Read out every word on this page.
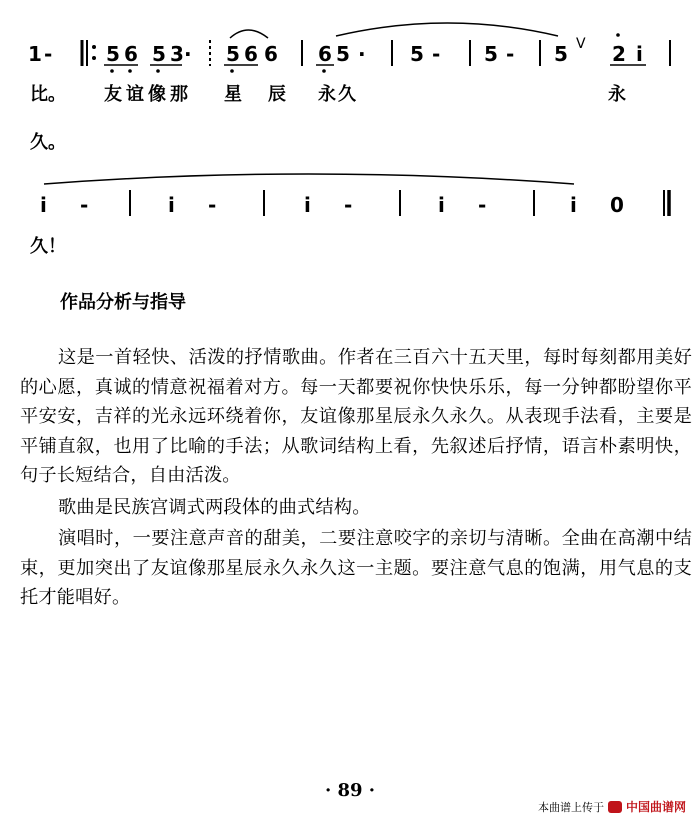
1 -	5 6 5 3 · 5 6 6 6 5 · 5 - 5 - 5 2 i
V
比。 友谊像那 星 辰 永久	永
久。
i -	i -	i -	i -	i 0
久！
作品分析与指导

这是一首轻快、活泼的抒情歌曲。作者在三百六十五天里，每时每刻都用美好的心愿，真诚的情意祝福着对方。每一天都要祝你快快乐乐，每一分钟都盼望你平平安安，吉祥的光永远环绕着你，友谊像那星辰永久永久。从表现手法看，主要是平铺直叙，也用了比喻的手法；从歌词结构上看，先叙述后抒情，语言朴素明快，句子长短结合，自由活泼。

歌曲是民族宫调式两段体的曲式结构。

演唱时，一要注意声音的甜美，二要注意咬字的亲切与清晰。全曲在高潮中结束，更加突出了友谊像那星辰永久永久这一主题。要注意气息的饱满，用气息的支托才能唱好。

· 89 ·
本曲谱上传于 中国曲谱网
